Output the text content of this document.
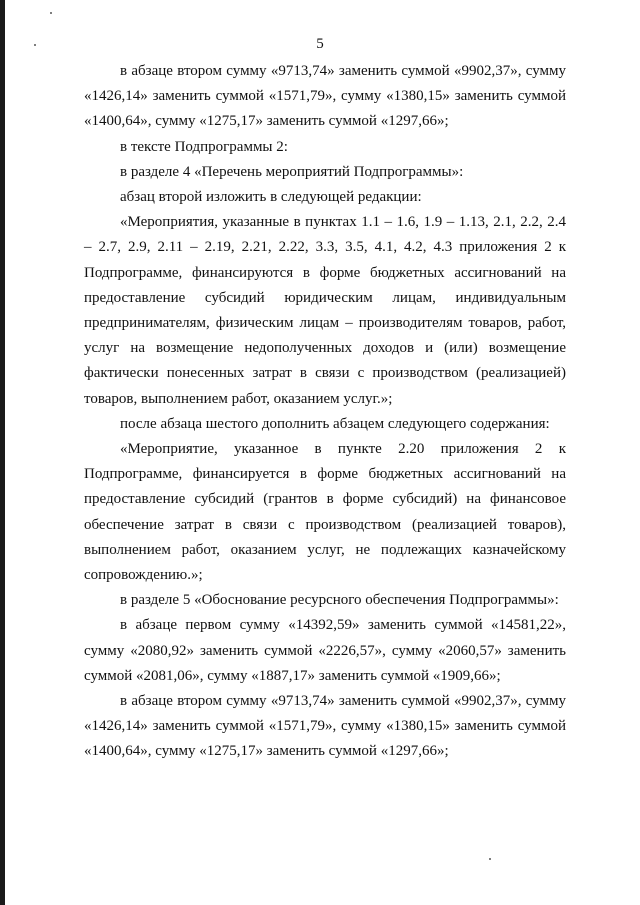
5

в абзаце втором сумму «9713,74» заменить суммой «9902,37», сумму «1426,14» заменить суммой «1571,79», сумму «1380,15» заменить суммой «1400,64», сумму «1275,17» заменить суммой «1297,66»;

в тексте Подпрограммы 2:

в разделе 4 «Перечень мероприятий Подпрограммы»:

абзац второй изложить в следующей редакции:

«Мероприятия, указанные в пунктах 1.1 – 1.6, 1.9 – 1.13, 2.1, 2.2, 2.4 – 2.7, 2.9, 2.11 – 2.19, 2.21, 2.22, 3.3, 3.5, 4.1, 4.2, 4.3 приложения 2 к Подпрограмме, финансируются в форме бюджетных ассигнований на предоставление субсидий юридическим лицам, индивидуальным предпринимателям, физическим лицам – производителям товаров, работ, услуг на возмещение недополученных доходов и (или) возмещение фактически понесенных затрат в связи с производством (реализацией) товаров, выполнением работ, оказанием услуг.»;

после абзаца шестого дополнить абзацем следующего содержания:

«Мероприятие, указанное в пункте 2.20 приложения 2 к Подпрограмме, финансируется в форме бюджетных ассигнований на предоставление субсидий (грантов в форме субсидий) на финансовое обеспечение затрат в связи с производством (реализацией товаров), выполнением работ, оказанием услуг, не подлежащих казначейскому сопровождению.»;

в разделе 5 «Обоснование ресурсного обеспечения Подпрограммы»:

в абзаце первом сумму «14392,59» заменить суммой «14581,22», сумму «2080,92» заменить суммой «2226,57», сумму «2060,57» заменить суммой «2081,06», сумму «1887,17» заменить суммой «1909,66»;

в абзаце втором сумму «9713,74» заменить суммой «9902,37», сумму «1426,14» заменить суммой «1571,79», сумму «1380,15» заменить суммой «1400,64», сумму «1275,17» заменить суммой «1297,66»;
